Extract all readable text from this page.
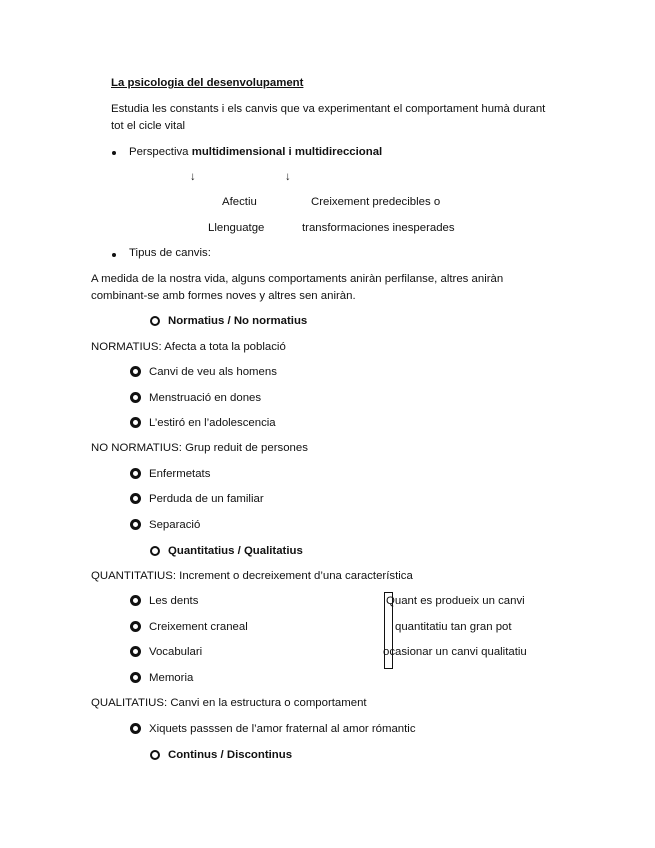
La psicologia del desenvolupament
Estudia les constants i els canvis que va experimentant el comportament humà durant
tot el cicle vital
Perspectiva multidimensional i multidireccional
↓	↓
Afectiu	Creixement predecibles o
Llenguatge	transformaciones inesperades
Tipus de canvis:
A medida de la nostra vida, alguns comportaments aniràn perfilanse, altres aniràn
combinant-se amb formes noves y altres sen aniràn.
Normatius / No normatius
NORMATIUS: Afecta a tota la població
Canvi de veu als homens
Menstruació en dones
L’estiró en l’adolescencia
NO NORMATIUS: Grup reduit de persones
Enfermetats
Perduda de un familiar
Separació
Quantitatius / Qualitatius
QUANTITATIUS: Increment o decreixement d’una característica
Les dents
Creixement craneal
Vocabulari
Memoria
Quant es produeix un canvi
quantitatiu tan gran pot
ocasionar un canvi qualitatiu
QUALITATIUS: Canvi en la estructura o comportament
Xiquets passsen de l’amor fraternal al amor rómantic
Continus / Discontinus
